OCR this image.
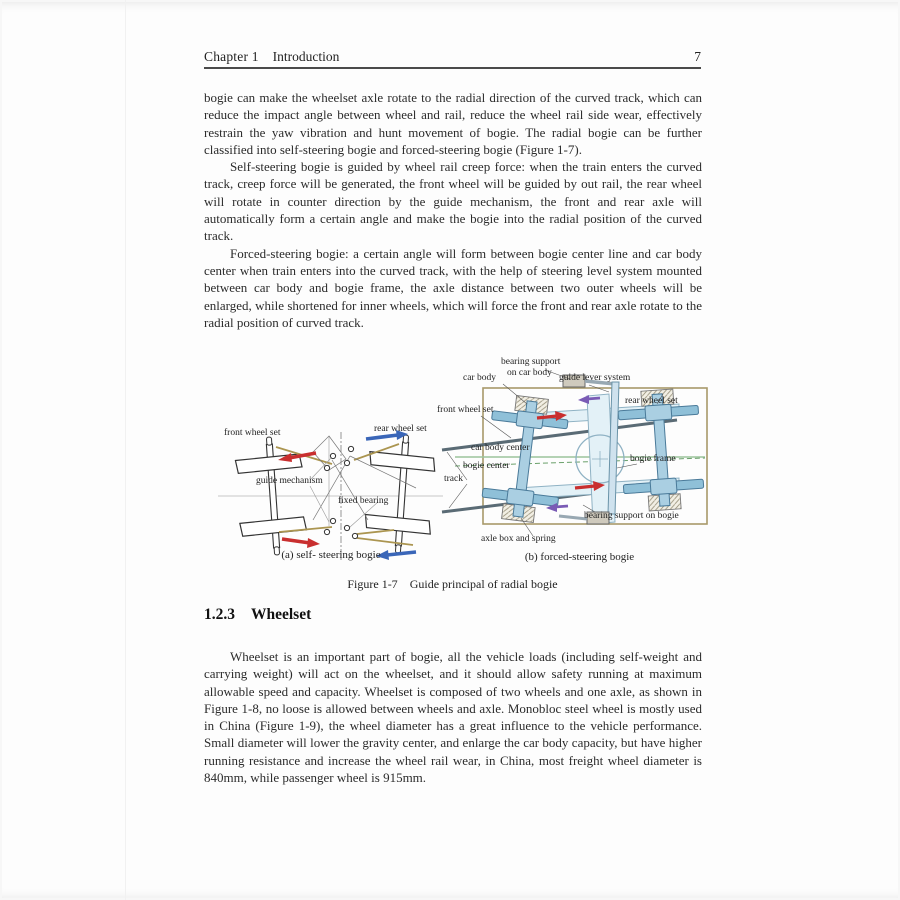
Chapter 1 Introduction	7

bogie can make the wheelset axle rotate to the radial direction of the curved track, which can reduce the impact angle between wheel and rail, reduce the wheel rail side wear, effectively restrain the yaw vibration and hunt movement of bogie. The radial bogie can be further classified into self-steering bogie and forced-steering bogie (Figure 1-7).

Self-steering bogie is guided by wheel rail creep force: when the train enters the curved track, creep force will be generated, the front wheel will be guided by out rail, the rear wheel will rotate in counter direction by the guide mechanism, the front and rear axle will automatically form a certain angle and make the bogie into the radial position of the curved track.

Forced-steering bogie: a certain angle will form between bogie center line and car body center when train enters into the curved track, with the help of steering level system mounted between car body and bogie frame, the axle distance between two outer wheels will be enlarged, while shortened for inner wheels, which will force the front and rear axle rotate to the radial position of curved track.

front wheel set	rear wheel set
guide mechanism
fixed bearing
(a) self- steering bogie
bearing support
on car body
car body	guide lever system
front wheel set
rear wheel set
car body center
bogie center
bogie frame
track
bearing support on bogie
axle box and spring
(b) forced-steering bogie
Figure 1-7 Guide principal of radial bogie
1.2.3 Wheelset

Wheelset is an important part of bogie, all the vehicle loads (including self-weight and carrying weight) will act on the wheelset, and it should allow safety running at maximum allowable speed and capacity. Wheelset is composed of two wheels and one axle, as shown in Figure 1-8, no loose is allowed between wheels and axle. Monobloc steel wheel is mostly used in China (Figure 1-9), the wheel diameter has a great influence to the vehicle performance. Small diameter will lower the gravity center, and enlarge the car body capacity, but have higher running resistance and increase the wheel rail wear, in China, most freight wheel diameter is 840mm, while passenger wheel is 915mm.
